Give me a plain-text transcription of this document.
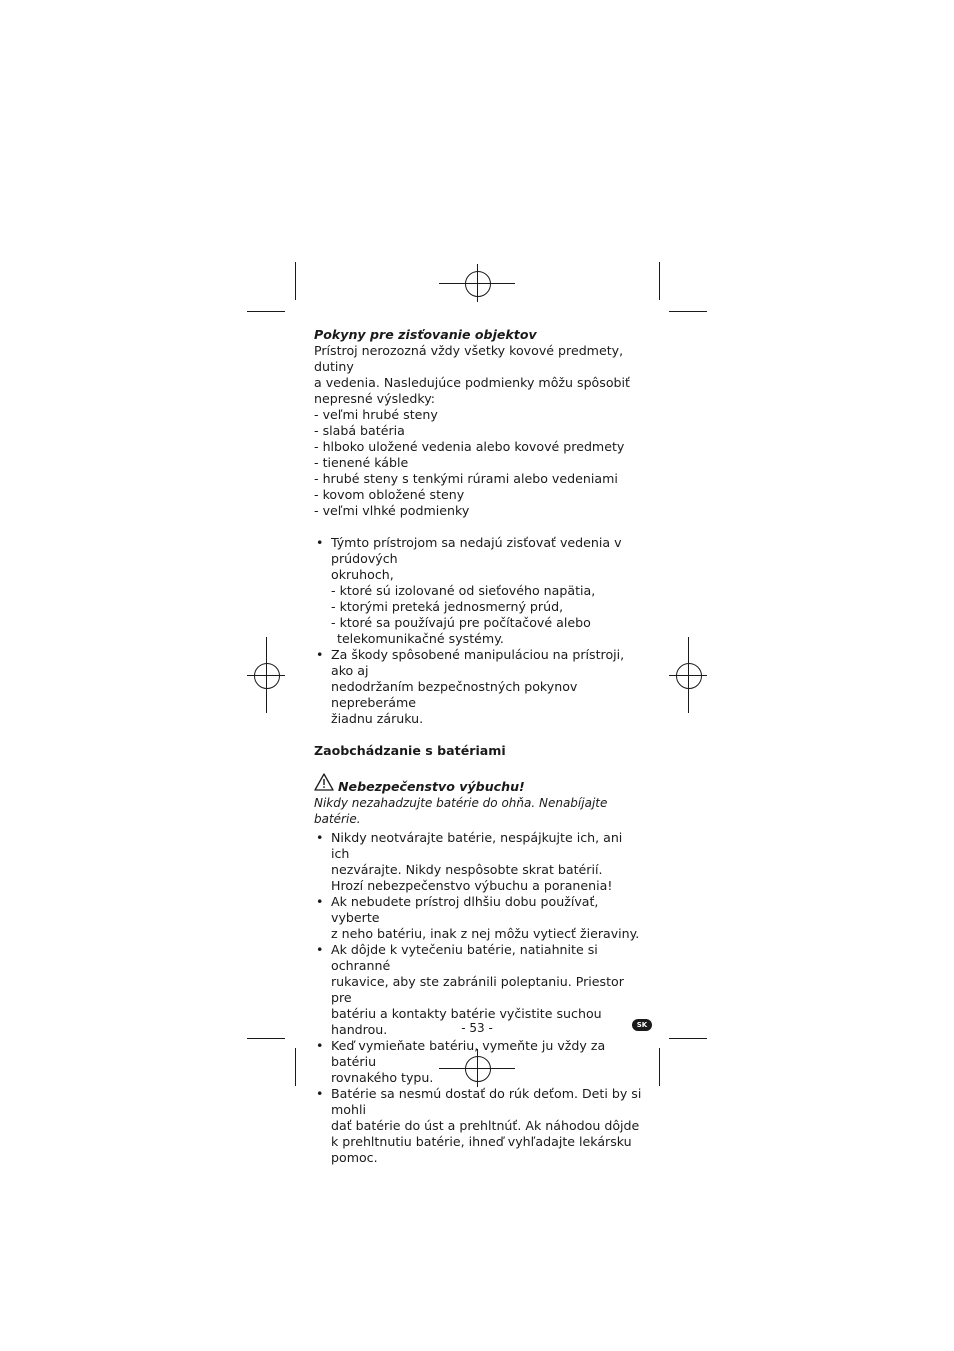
Pokyny pre zisťovanie objektov

Prístroj nerozozná vždy všetky kovové predmety, dutiny
a vedenia. Nasledujúce podmienky môžu spôsobiť
nepresné výsledky:

- veľmi hrubé steny
- slabá batéria
- hlboko uložené vedenia alebo kovové predmety
- tienené káble
- hrubé steny s tenkými rúrami alebo vedeniami
- kovom obložené steny
- veľmi vlhké podmienky
• Týmto prístrojom sa nedajú zisťovať vedenia v prúdových
okruhoch,
- ktoré sú izolované od sieťového napätia,
- ktorými preteká jednosmerný prúd,
- ktoré sa používajú pre počítačové alebo telekomunikačné systémy.
• Za škody spôsobené manipuláciou na prístroji, ako aj
nedodržaním bezpečnostných pokynov nepreberáme
žiadnu záruku.

Zaobchádzanie s batériami

Nebezpečenstvo výbuchu!

Nikdy nezahadzujte batérie do ohňa. Nenabíjajte batérie.

• Nikdy neotvárajte batérie, nespájkujte ich, ani ich
nezvárajte. Nikdy nespôsobte skrat batérií.
Hrozí nebezpečenstvo výbuchu a poranenia!
• Ak nebudete prístroj dlhšiu dobu používať, vyberte
z neho batériu, inak z nej môžu vytiecť žieraviny.
• Ak dôjde k vytečeniu batérie, natiahnite si ochranné
rukavice, aby ste zabránili poleptaniu. Priestor pre
batériu a kontakty batérie vyčistite suchou handrou.
• Keď vymieňate batériu, vymeňte ju vždy za batériu
rovnakého typu.
• Batérie sa nesmú dostať do rúk deťom. Deti by si mohli
dať batérie do úst a prehltnúť. Ak náhodou dôjde
k prehltnutiu batérie, ihneď vyhľadajte lekársku pomoc.
- 53 -	SK
